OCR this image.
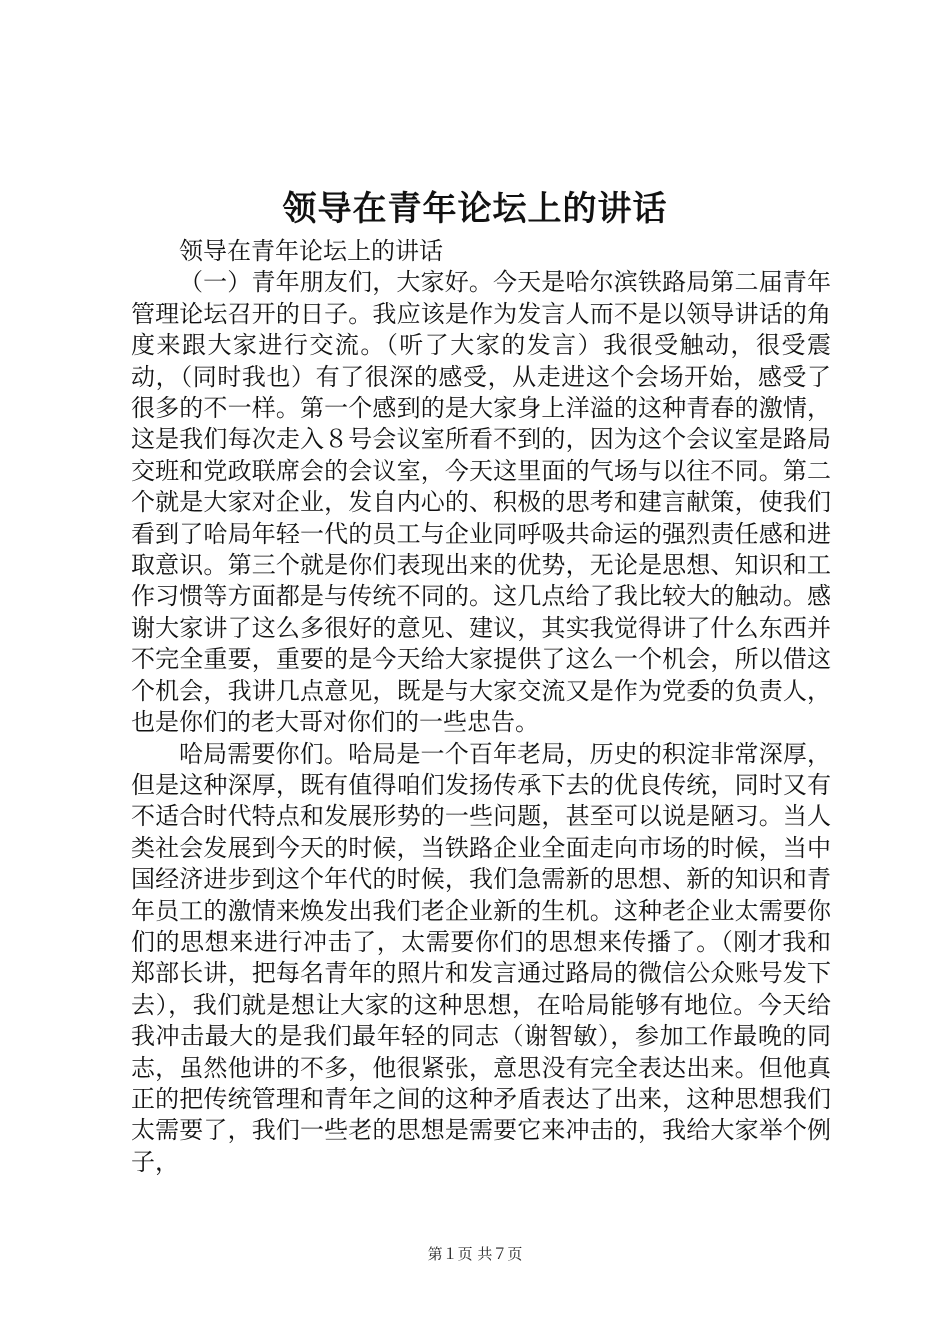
领导在青年论坛上的讲话

领导在青年论坛上的讲话

（一）青年朋友们，大家好。今天是哈尔滨铁路局第二届青年管理论坛召开的日子。我应该是作为发言人而不是以领导讲话的角度来跟大家进行交流。（听了大家的发言）我很受触动，很受震动，（同时我也）有了很深的感受，从走进这个会场开始，感受了很多的不一样。第一个感到的是大家身上洋溢的这种青春的激情，这是我们每次走入８号会议室所看不到的，因为这个会议室是路局交班和党政联席会的会议室，今天这里面的气场与以往不同。第二个就是大家对企业，发自内心的、积极的思考和建言献策，使我们看到了哈局年轻一代的员工与企业同呼吸共命运的强烈责任感和进取意识。第三个就是你们表现出来的优势，无论是思想、知识和工作习惯等方面都是与传统不同的。这几点给了我比较大的触动。感谢大家讲了这么多很好的意见、建议，其实我觉得讲了什么东西并不完全重要，重要的是今天给大家提供了这么一个机会，所以借这个机会，我讲几点意见，既是与大家交流又是作为党委的负责人，也是你们的老大哥对你们的一些忠告。

哈局需要你们。哈局是一个百年老局，历史的积淀非常深厚，但是这种深厚，既有值得咱们发扬传承下去的优良传统，同时又有不适合时代特点和发展形势的一些问题，甚至可以说是陋习。当人类社会发展到今天的时候，当铁路企业全面走向市场的时候，当中国经济进步到这个年代的时候，我们急需新的思想、新的知识和青年员工的激情来焕发出我们老企业新的生机。这种老企业太需要你们的思想来进行冲击了，太需要你们的思想来传播了。（刚才我和郑部长讲，把每名青年的照片和发言通过路局的微信公众账号发下去），我们就是想让大家的这种思想，在哈局能够有地位。今天给我冲击最大的是我们最年轻的同志（谢智敏），参加工作最晚的同志，虽然他讲的不多，他很紧张，意思没有完全表达出来。但他真正的把传统管理和青年之间的这种矛盾表达了出来，这种思想我们太需要了，我们一些老的思想是需要它来冲击的，我给大家举个例子，

第１页 共７页
